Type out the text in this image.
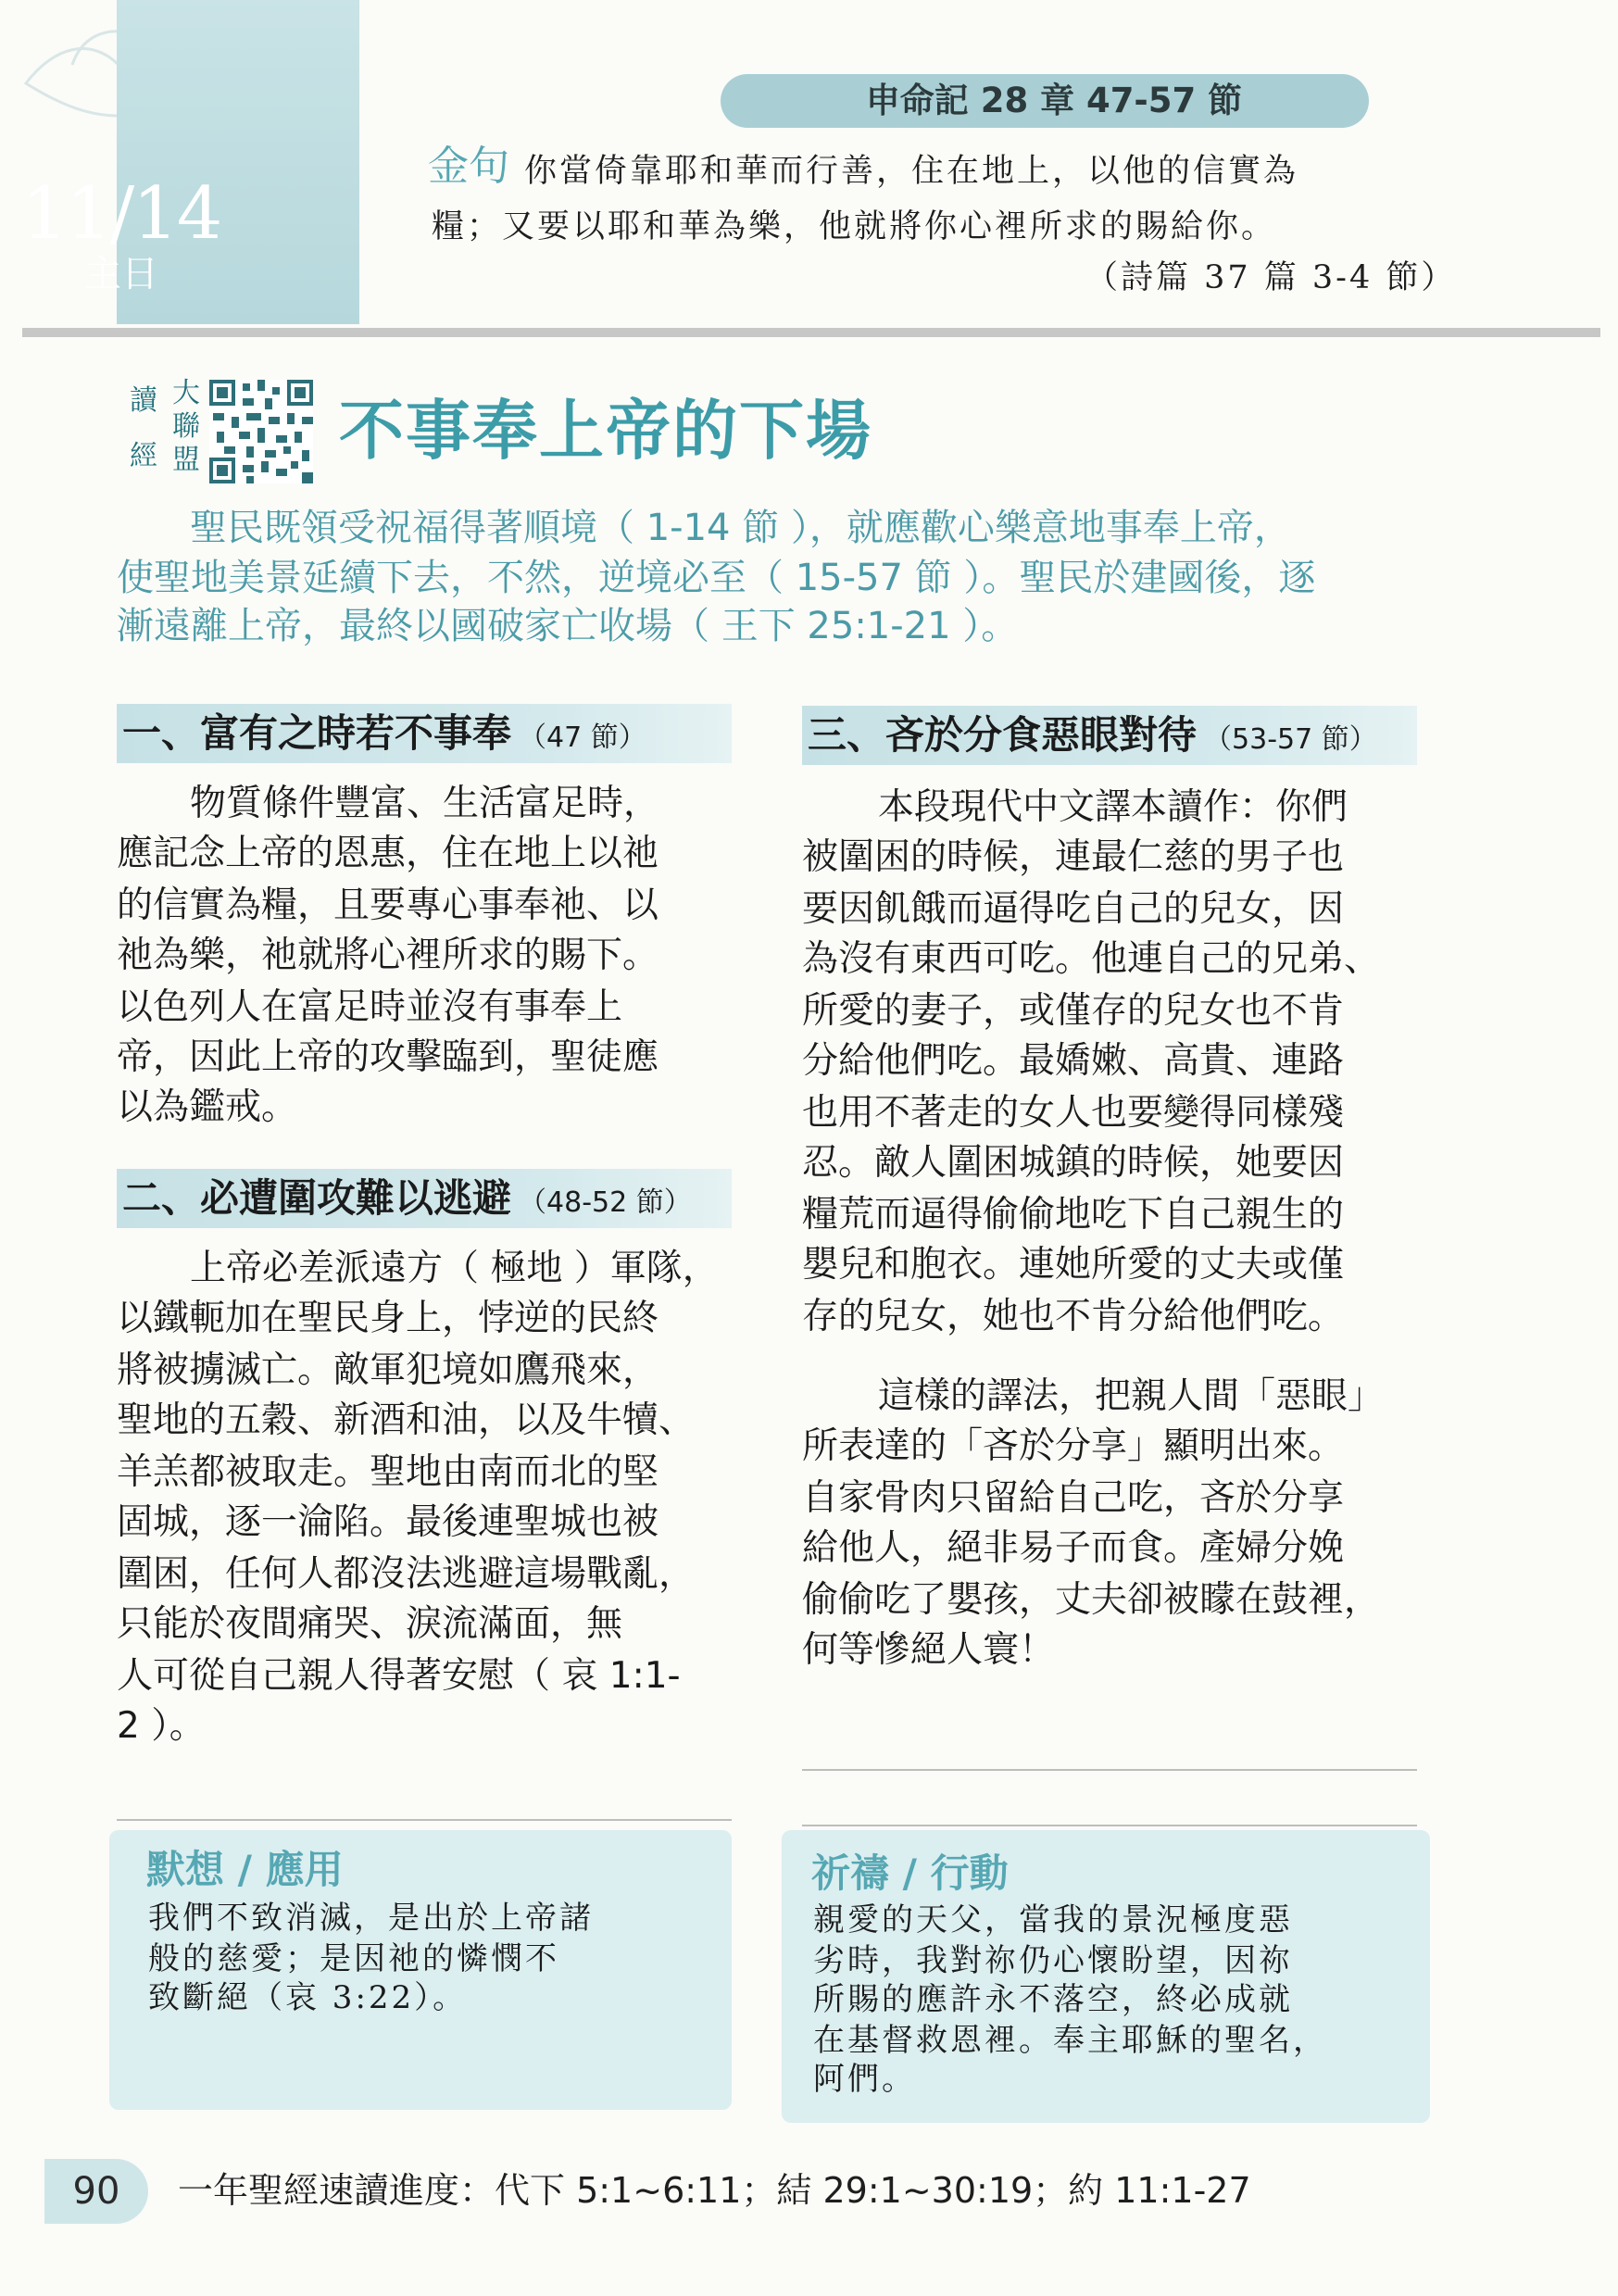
11/14
主日
申命記 28 章 47-57 節
金句 你當倚靠耶和華而行善，住在地上，以他的信實為
糧；又要以耶和華為樂，他就將你心裡所求的賜給你。
（詩篇 37 篇 3-4 節）
讀
經
大
聯
盟 不事奉上帝的下場
聖民既領受祝福得著順境（ 1-14 節 ），就應歡心樂意地事奉上帝，
使聖地美景延續下去，不然，逆境必至（ 15-57 節 ）。聖民於建國後，逐
漸遠離上帝，最終以國破家亡收場（ 王下 25:1-21 ）。
一、富有之時若不事奉 （47 節）
物質條件豐富、生活富足時，
應記念上帝的恩惠，住在地上以祂
的信實為糧，且要專心事奉祂、以
祂為樂，祂就將心裡所求的賜下。
以色列人在富足時並沒有事奉上
帝，因此上帝的攻擊臨到，聖徒應
以為鑑戒。
二、必遭圍攻難以逃避 （48-52 節）
上帝必差派遠方（ 極地 ）軍隊，
以鐵軛加在聖民身上，悖逆的民終
將被擄滅亡。敵軍犯境如鷹飛來，
聖地的五穀、新酒和油，以及牛犢、
羊羔都被取走。聖地由南而北的堅
固城，逐一淪陷。最後連聖城也被
圍困，任何人都沒法逃避這場戰亂，
只能於夜間痛哭、淚流滿面，無
人可從自己親人得著安慰（ 哀 1:1-
2 ）。
三、吝於分食惡眼對待 （53-57 節）
本段現代中文譯本讀作：你們
被圍困的時候，連最仁慈的男子也
要因飢餓而逼得吃自己的兒女，因
為沒有東西可吃。他連自己的兄弟、
所愛的妻子，或僅存的兒女也不肯
分給他們吃。最嬌嫩、高貴、連路
也用不著走的女人也要變得同樣殘
忍。敵人圍困城鎮的時候，她要因
糧荒而逼得偷偷地吃下自己親生的
嬰兒和胞衣。連她所愛的丈夫或僅
存的兒女，她也不肯分給他們吃。
這樣的譯法，把親人間「惡眼」
所表達的「吝於分享」顯明出來。
自家骨肉只留給自己吃，吝於分享
給他人，絕非易子而食。產婦分娩
偷偷吃了嬰孩，丈夫卻被矇在鼓裡，
何等慘絕人寰！
默想 / 應用
我們不致消滅，是出於上帝諸
般的慈愛；是因祂的憐憫不
致斷絕（哀 3:22）。
祈禱 / 行動
親愛的天父，當我的景況極度惡
劣時，我對祢仍心懷盼望，因祢
所賜的應許永不落空，終必成就
在基督救恩裡。奉主耶穌的聖名，
阿們。
90	一年聖經速讀進度：代下 5:1~6:11；結 29:1~30:19；約 11:1-27
